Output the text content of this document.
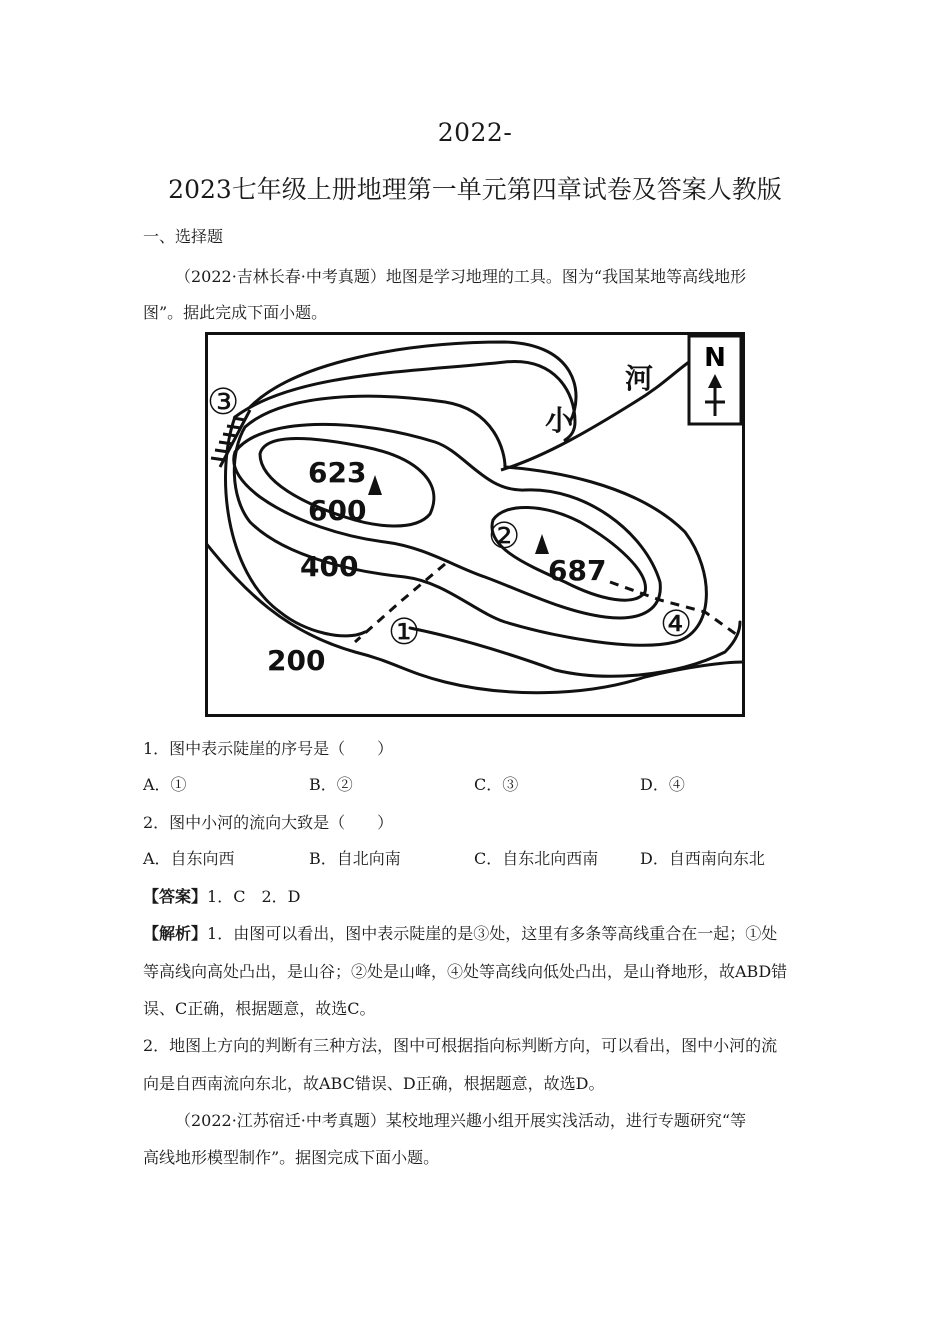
2022-
2023七年级上册地理第一单元第四章试卷及答案人教版
一、选择题
（2022·吉林长春·中考真题）地图是学习地理的工具。图为“我国某地等高线地形
图”。据此完成下面小题。
N
623
600
400
200
687
河
小
③
②
①	④
1．图中表示陡崖的序号是（　　）
A．①	B．②	C．③	D．④
2．图中小河的流向大致是（　　）
A．自东向西	B．自北向南	C．自东北向西南	D．自西南向东北
【答案】1．C　2．D
【解析】1．由图可以看出，图中表示陡崖的是③处，这里有多条等高线重合在一起；①处
等高线向高处凸出，是山谷；②处是山峰，④处等高线向低处凸出，是山脊地形，故ABD错
误、C正确，根据题意，故选C。
2．地图上方向的判断有三种方法，图中可根据指向标判断方向，可以看出，图中小河的流
向是自西南流向东北，故ABC错误、D正确，根据题意，故选D。
（2022·江苏宿迁·中考真题）某校地理兴趣小组开展实浅活动，进行专题研究“等
高线地形模型制作”。据图完成下面小题。
